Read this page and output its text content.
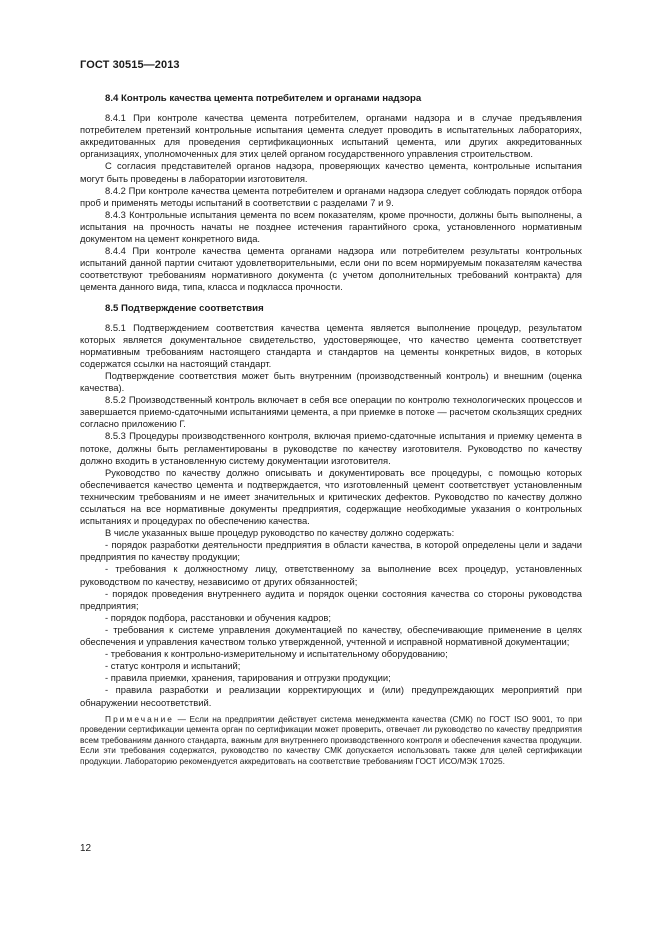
ГОСТ 30515—2013
8.4 Контроль качества цемента потребителем и органами надзора

8.4.1 При контроле качества цемента потребителем, органами надзора и в случае предъявления потребителем претензий контрольные испытания цемента следует проводить в испытательных лабораториях, аккредитованных для проведения сертификационных испытаний цемента, или других аккредитованных организациях, уполномоченных для этих целей органом государственного управления строительством.

С согласия представителей органов надзора, проверяющих качество цемента, контрольные испытания могут быть проведены в лаборатории изготовителя.

8.4.2 При контроле качества цемента потребителем и органами надзора следует соблюдать порядок отбора проб и применять методы испытаний в соответствии с разделами 7 и 9.

8.4.3 Контрольные испытания цемента по всем показателям, кроме прочности, должны быть выполнены, а испытания на прочность начаты не позднее истечения гарантийного срока, установленного нормативным документом на цемент конкретного вида.

8.4.4 При контроле качества цемента органами надзора или потребителем результаты контрольных испытаний данной партии считают удовлетворительными, если они по всем нормируемым показателям качества соответствуют требованиям нормативного документа (с учетом дополнительных требований контракта) для цемента данного вида, типа, класса и подкласса прочности.

8.5 Подтверждение соответствия

8.5.1 Подтверждением соответствия качества цемента является выполнение процедур, результатом которых является документальное свидетельство, удостоверяющее, что качество цемента соответствует нормативным требованиям настоящего стандарта и стандартов на цементы конкретных видов, в которых содержатся ссылки на настоящий стандарт.

Подтверждение соответствия может быть внутренним (производственный контроль) и внешним (оценка качества).

8.5.2 Производственный контроль включает в себя все операции по контролю технологических процессов и завершается приемо-сдаточными испытаниями цемента, а при приемке в потоке — расчетом скользящих средних согласно приложению Г.

8.5.3 Процедуры производственного контроля, включая приемо-сдаточные испытания и приемку цемента в потоке, должны быть регламентированы в руководстве по качеству изготовителя. Руководство по качеству должно входить в установленную систему документации изготовителя.

Руководство по качеству должно описывать и документировать все процедуры, с помощью которых обеспечивается качество цемента и подтверждается, что изготовленный цемент соответствует установленным техническим требованиям и не имеет значительных и критических дефектов. Руководство по качеству должно ссылаться на все нормативные документы предприятия, содержащие необходимые указания о контрольных испытаниях и процедурах по обеспечению качества.

В числе указанных выше процедур руководство по качеству должно содержать:

- порядок разработки деятельности предприятия в области качества, в которой определены цели и задачи предприятия по качеству продукции;

- требования к должностному лицу, ответственному за выполнение всех процедур, установленных руководством по качеству, независимо от других обязанностей;

- порядок проведения внутреннего аудита и порядок оценки состояния качества со стороны руководства предприятия;

- порядок подбора, расстановки и обучения кадров;

- требования к системе управления документацией по качеству, обеспечивающие применение в целях обеспечения и управления качеством только утвержденной, учтенной и исправной нормативной документации;

- требования к контрольно-измерительному и испытательному оборудованию;

- статус контроля и испытаний;

- правила приемки, хранения, тарирования и отгрузки продукции;

- правила разработки и реализации корректирующих и (или) предупреждающих мероприятий при обнаружении несоответствий.

Примечание — Если на предприятии действует система менеджмента качества (СМК) по ГОСТ ISO 9001, то при проведении сертификации цемента орган по сертификации может проверить, отвечает ли руководство по качеству предприятия всем требованиям данного стандарта, важным для внутреннего производственного контроля и обеспечения качества продукции. Если эти требования содержатся, руководство по качеству СМК допускается использовать также для целей сертификации продукции. Лабораторию рекомендуется аккредитовать на соответствие требованиям ГОСТ ИСО/МЭК 17025.

12
